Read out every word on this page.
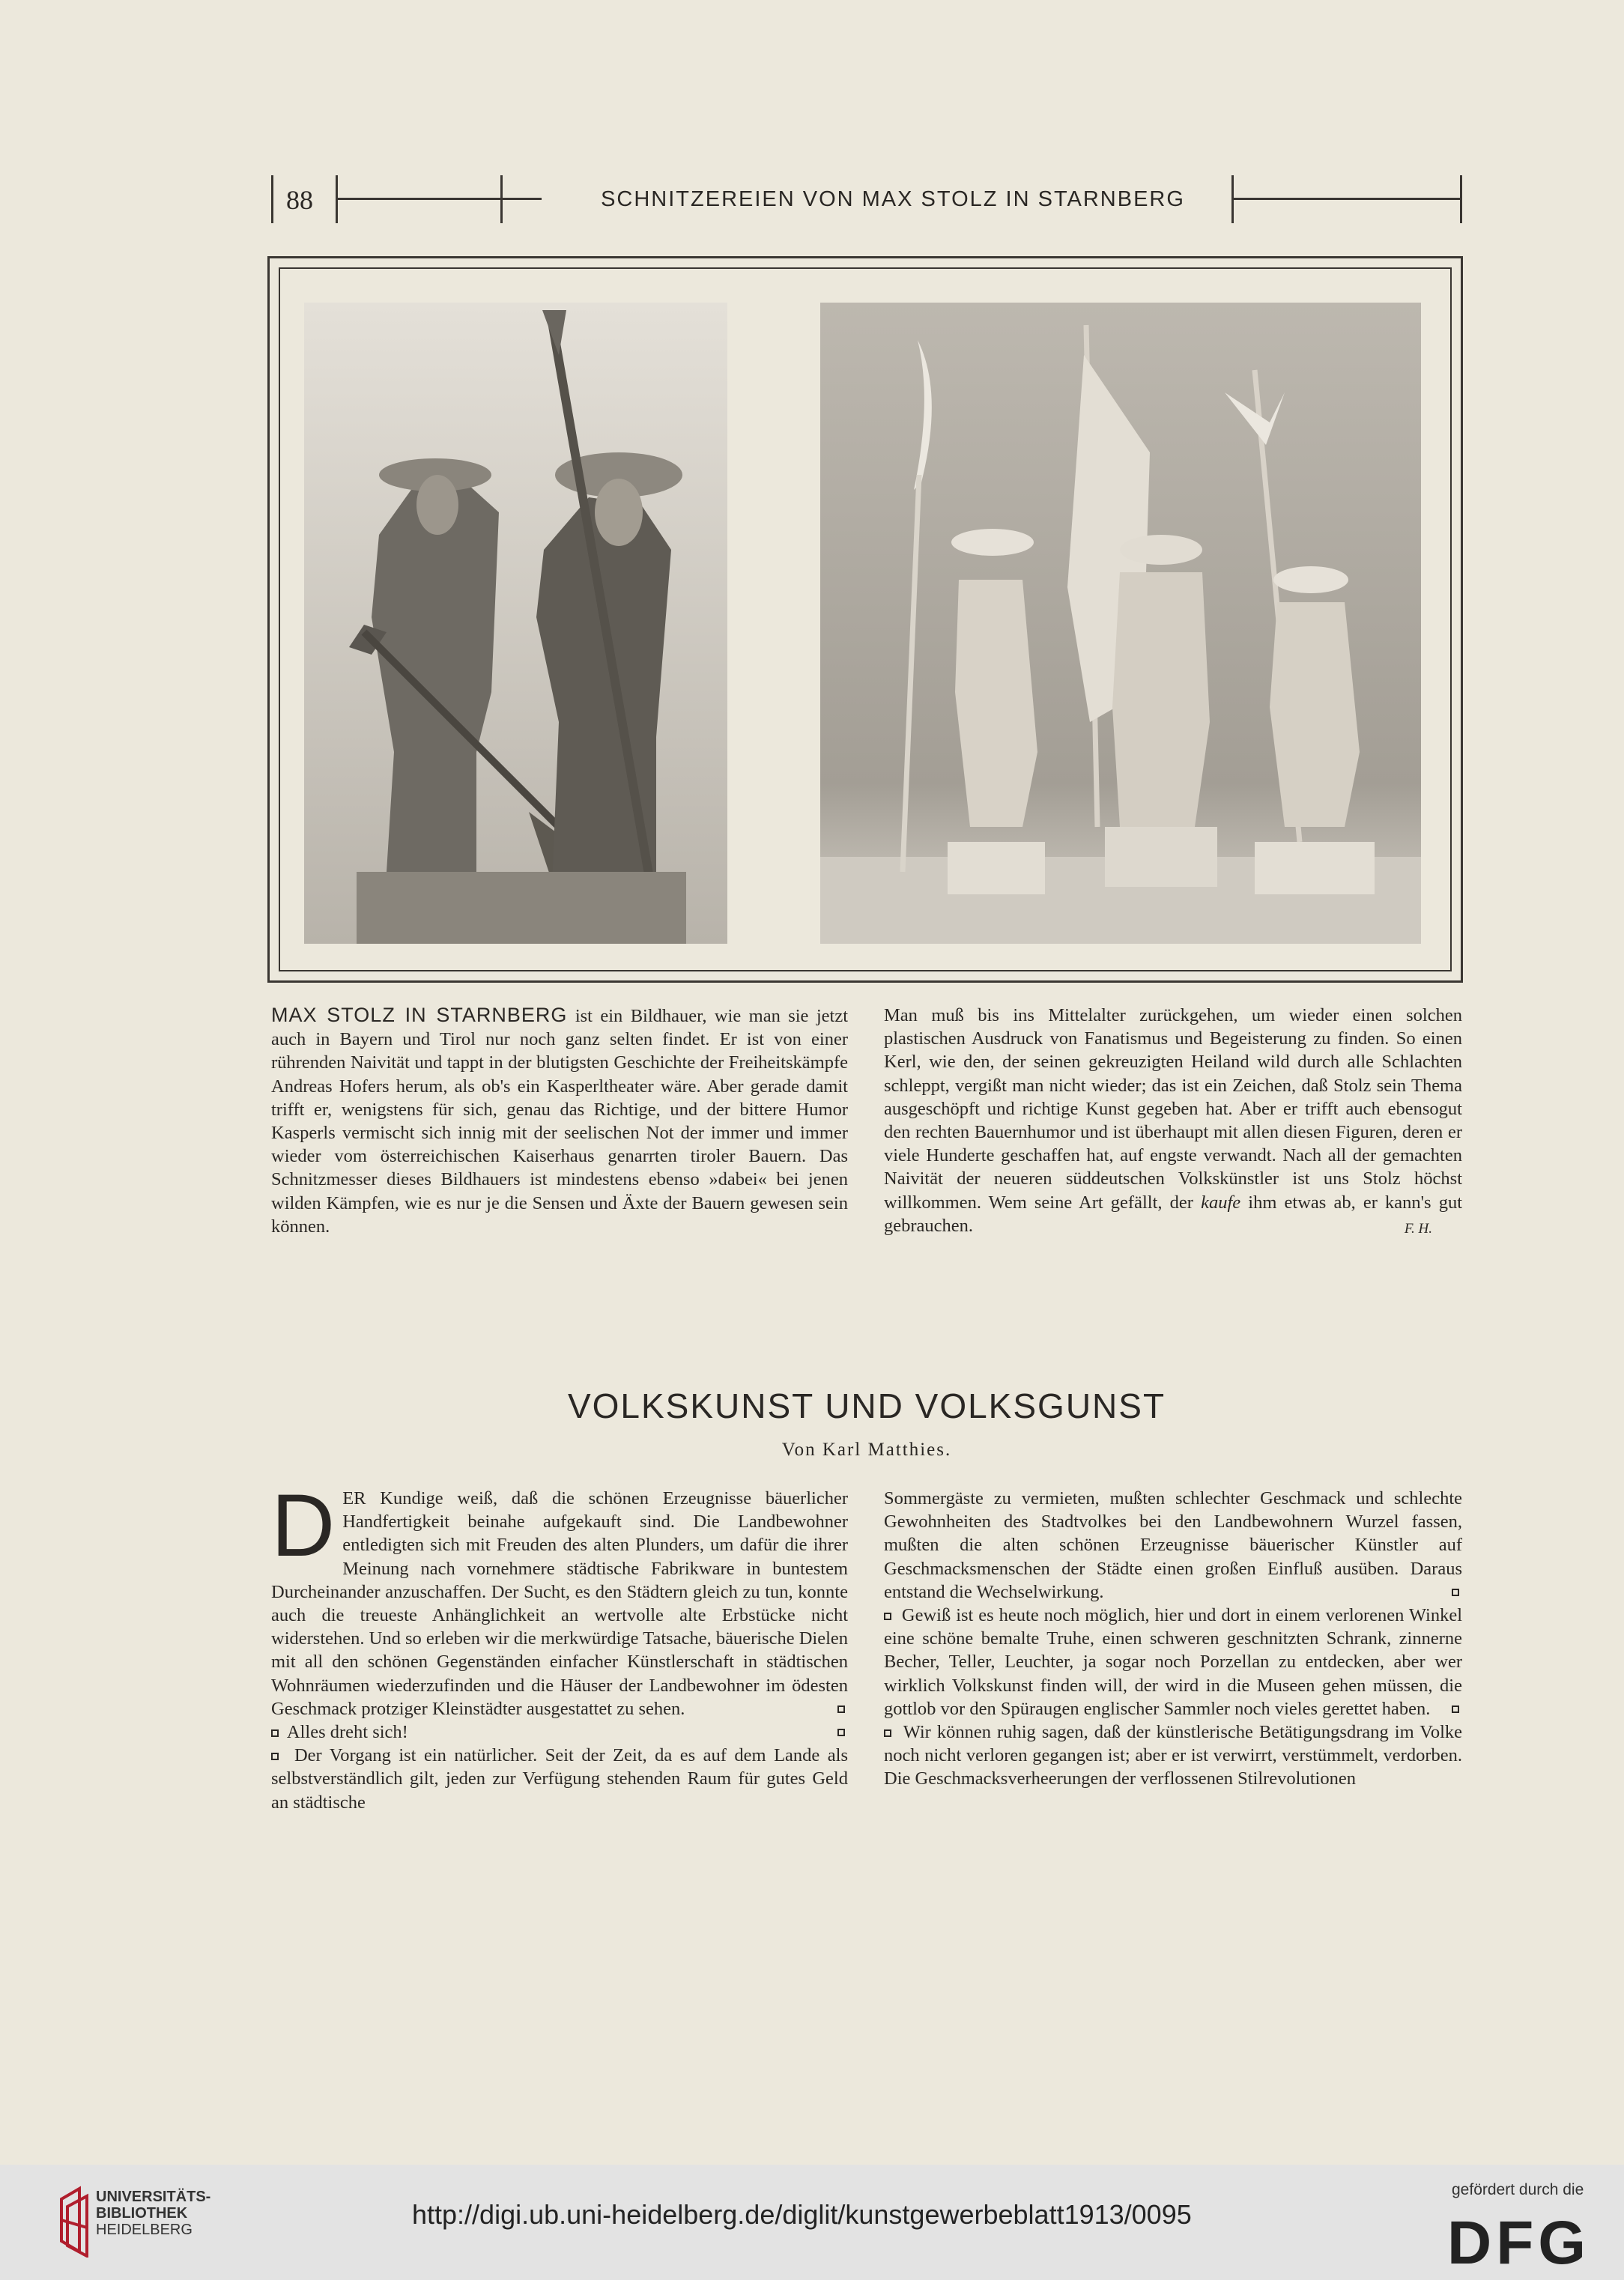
88	SCHNITZEREIEN VON MAX STOLZ IN STARNBERG

MAX STOLZ IN STARNBERG ist ein Bildhauer, wie man sie jetzt auch in Bayern und Tirol nur noch ganz selten findet. Er ist von einer rührenden Naivität und tappt in der blutigsten Geschichte der Freiheitskämpfe Andreas Hofers herum, als ob's ein Kasperltheater wäre. Aber gerade damit trifft er, wenigstens für sich, genau das Richtige, und der bittere Humor Kasperls vermischt sich innig mit der seelischen Not der immer und immer wieder vom österreichischen Kaiserhaus genarrten tiroler Bauern. Das Schnitzmesser dieses Bildhauers ist mindestens ebenso »dabei« bei jenen wilden Kämpfen, wie es nur je die Sensen und Äxte der Bauern gewesen sein können.

Man muß bis ins Mittelalter zurückgehen, um wieder einen solchen plastischen Ausdruck von Fanatismus und Begeisterung zu finden. So einen Kerl, wie den, der seinen gekreuzigten Heiland wild durch alle Schlachten schleppt, vergißt man nicht wieder; das ist ein Zeichen, daß Stolz sein Thema ausgeschöpft und richtige Kunst gegeben hat. Aber er trifft auch ebensogut den rechten Bauernhumor und ist überhaupt mit allen diesen Figuren, deren er viele Hunderte geschaffen hat, auf engste verwandt. Nach all der gemachten Naivität der neueren süddeutschen Volkskünstler ist uns Stolz höchst willkommen. Wem seine Art gefällt, der kaufe ihm etwas ab, er kann's gut gebrauchen.	F. H.

VOLKSKUNST UND VOLKSGUNST
Von Karl Matthies.

DER Kundige weiß, daß die schönen Erzeugnisse bäuerlicher Handfertigkeit beinahe aufgekauft sind. Die Landbewohner entledigten sich mit Freuden des alten Plunders, um dafür die ihrer Meinung nach vornehmere städtische Fabrikware in buntestem Durcheinander anzuschaffen. Der Sucht, es den Städtern gleich zu tun, konnte auch die treueste Anhänglichkeit an wertvolle alte Erbstücke nicht widerstehen. Und so erleben wir die merkwürdige Tatsache, bäuerische Dielen mit all den schönen Gegenständen einfacher Künstlerschaft in städtischen Wohnräumen wiederzufinden und die Häuser der Landbewohner im ödesten Geschmack protziger Kleinstädter ausgestattet zu sehen.

Alles dreht sich!

Der Vorgang ist ein natürlicher. Seit der Zeit, da es auf dem Lande als selbstverständlich gilt, jeden zur Verfügung stehenden Raum für gutes Geld an städtische

Sommergäste zu vermieten, mußten schlechter Geschmack und schlechte Gewohnheiten des Stadtvolkes bei den Landbewohnern Wurzel fassen, mußten die alten schönen Erzeugnisse bäuerischer Künstler auf Geschmacksmenschen der Städte einen großen Einfluß ausüben. Daraus entstand die Wechselwirkung.

Gewiß ist es heute noch möglich, hier und dort in einem verlorenen Winkel eine schöne bemalte Truhe, einen schweren geschnitzten Schrank, zinnerne Becher, Teller, Leuchter, ja sogar noch Porzellan zu entdecken, aber wer wirklich Volkskunst finden will, der wird in die Museen gehen müssen, die gottlob vor den Spüraugen englischer Sammler noch vieles gerettet haben.

Wir können ruhig sagen, daß der künstlerische Betätigungsdrang im Volke noch nicht verloren gegangen ist; aber er ist verwirrt, verstümmelt, verdorben. Die Geschmacksverheerungen der verflossenen Stilrevolutionen

UNIVERSITÄTS-
BIBLIOTHEK
HEIDELBERG	http://digi.ub.uni-heidelberg.de/diglit/kunstgewerbeblatt1913/0095
gefördert durch die
DFG
